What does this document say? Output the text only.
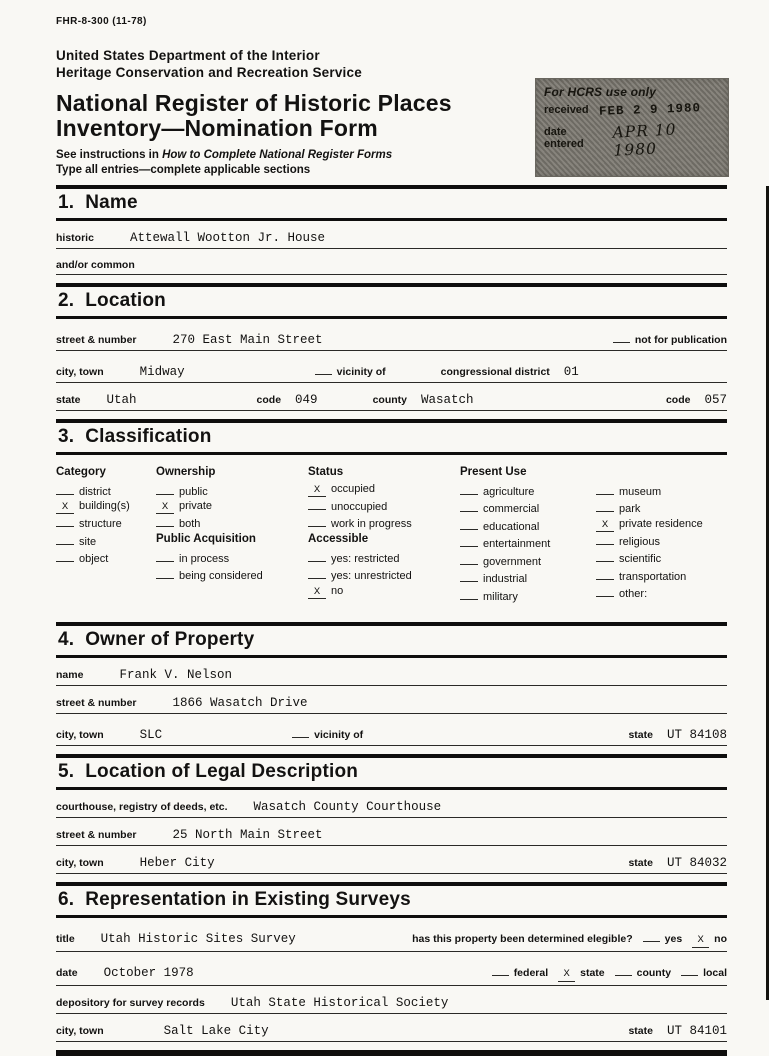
FHR-8-300 (11-78)
United States Department of the Interior
Heritage Conservation and Recreation Service
National Register of Historic Places
Inventory—Nomination Form
See instructions in How to Complete National Register Forms
Type all entries—complete applicable sections
1.  Name
historic	Attewall Wootton Jr. House
and/or common
2.  Location
street & number	270 East Main Street	not for publication
city, town	Midway	vicinity of	congressional district 01
state Utah	code 049	county Wasatch	code 057
3.  Classification
Category
district
X building(s)
structure
site
object
Ownership
public
X private
both
Public Acquisition
in process
being considered
Status
X occupied
unoccupied
work in progress
Accessible
yes: restricted
yes: unrestricted
X no
Present Use
agriculture
commercial
educational
entertainment
government
industrial
military
museum
park
X private residence
religious
scientific
transportation
other:
4.  Owner of Property
name	Frank V. Nelson
street & number	1866 Wasatch Drive
city, town	SLC	vicinity of	state UT 84108
5.  Location of Legal Description
courthouse, registry of deeds, etc. Wasatch County Courthouse
street & number	25 North Main Street
city, town	Heber City	state UT 84032
6.  Representation in Existing Surveys
title Utah Historic Sites Survey	has this property been determined elegible?	yes	X no
date October 1978	federal	X state	county	local
depository for survey records Utah State Historical Society
city, town	Salt Lake City	state UT 84101
For HCRS use only
received FEB 2 9 1980
date entered
APR 10 1980
